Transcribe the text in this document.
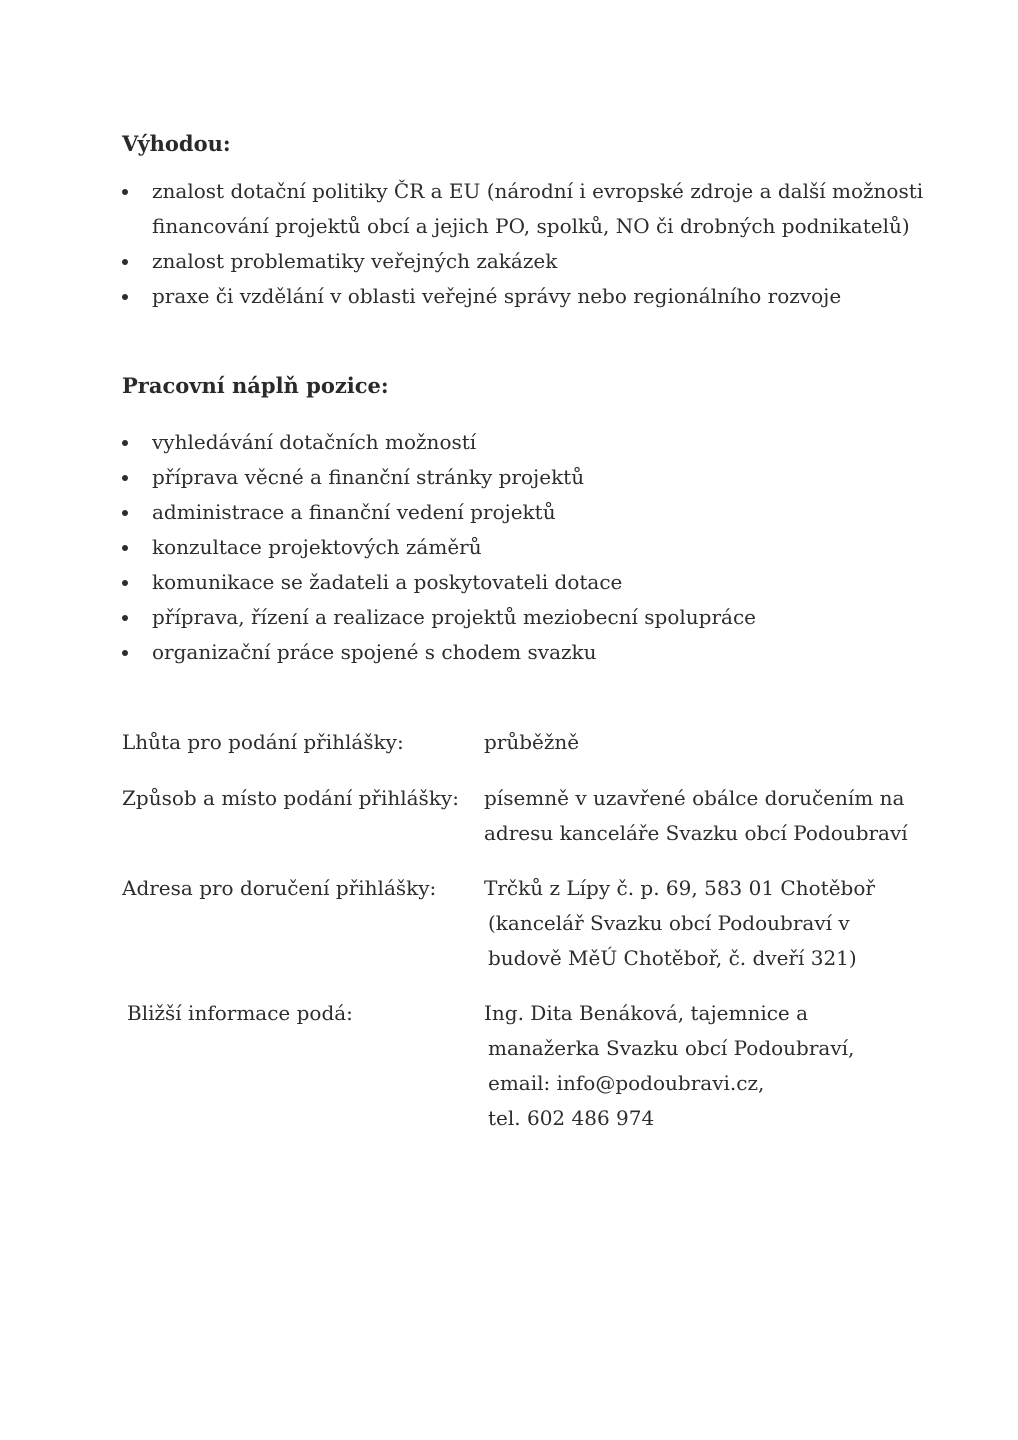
Výhodou:
znalost dotační politiky ČR a EU (národní i evropské zdroje a další možnosti financování projektů obcí a jejich PO, spolků, NO či drobných podnikatelů)
znalost problematiky veřejných zakázek
praxe či vzdělání v oblasti veřejné správy nebo regionálního rozvoje
Pracovní náplň pozice:
vyhledávání dotačních možností
příprava věcné a finanční stránky projektů
administrace a finanční vedení projektů
konzultace projektových záměrů
komunikace se žadateli a poskytovateli dotace
příprava, řízení a realizace projektů meziobecní spolupráce
organizační práce spojené s chodem svazku
Lhůta pro podání přihlášky:	průběžně
Způsob a místo podání přihlášky: písemně v uzavřené obálce doručením na
adresu kanceláře Svazku obcí Podoubraví
Adresa pro doručení přihlášky: Trčků z Lípy č. p. 69, 583 01 Chotěboř
(kancelář Svazku obcí Podoubraví v
budově MěÚ Chotěboř, č. dveří 321)
Bližší informace podá:	Ing. Dita Benáková, tajemnice a
manažerka Svazku obcí Podoubraví,
email: info@podoubravi.cz,
tel. 602 486 974
